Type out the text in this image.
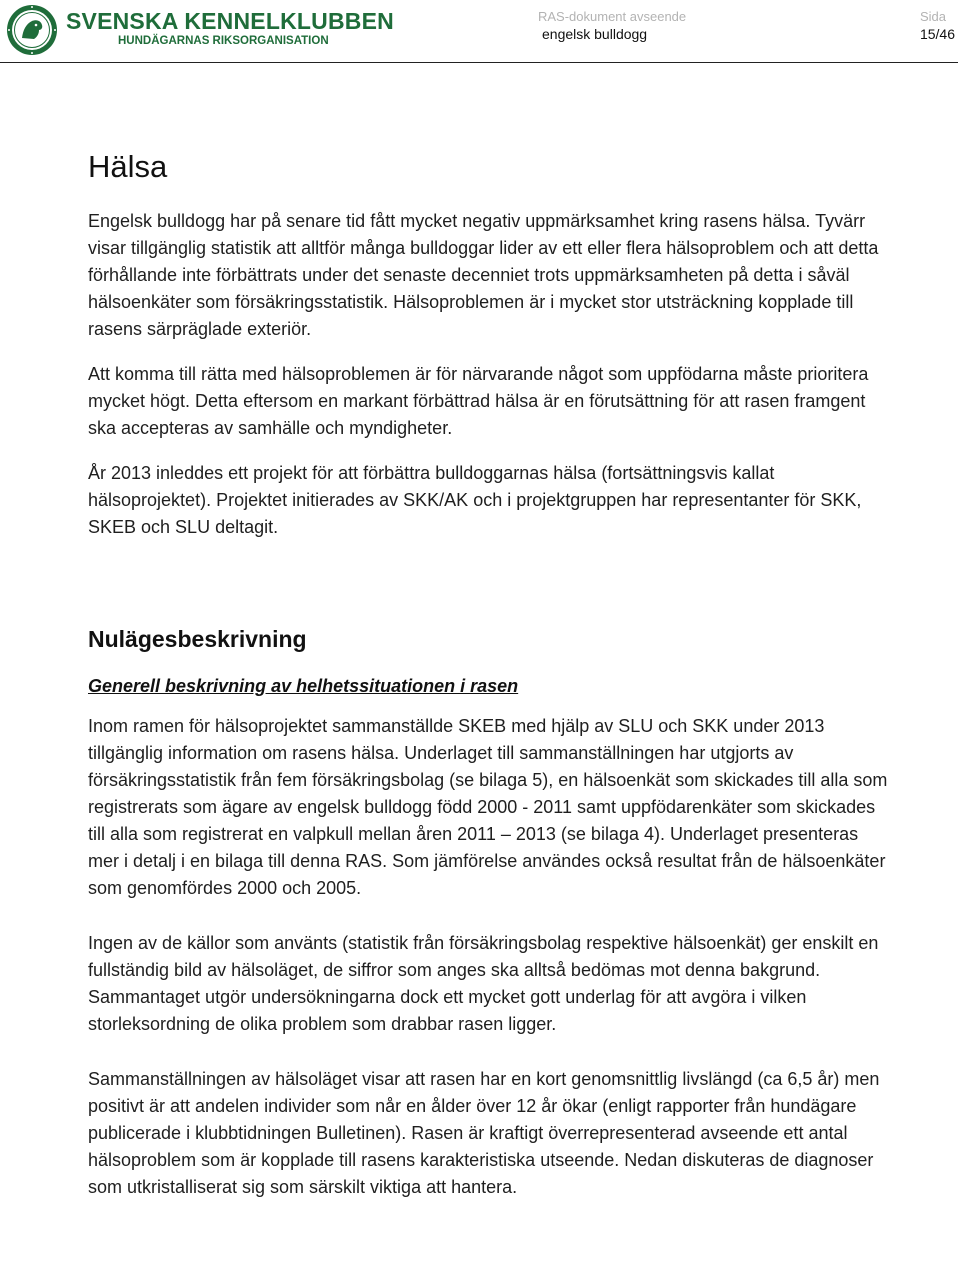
SVENSKA KENNELKLUBBEN
HUNDÄGARNAS RIKSORGANISATION
RAS-dokument avseende
engelsk bulldogg
Sida
15/46
Hälsa

Engelsk bulldogg har på senare tid fått mycket negativ uppmärksamhet kring rasens hälsa. Tyvärr visar tillgänglig statistik att alltför många bulldoggar lider av ett eller flera hälsoproblem och att detta förhållande inte förbättrats under det senaste decenniet trots uppmärksamheten på detta i såväl hälsoenkäter som försäkringsstatistik. Hälsoproblemen är i mycket stor utsträckning kopplade till rasens särpräglade exteriör.

Att komma till rätta med hälsoproblemen är för närvarande något som uppfödarna måste prioritera mycket högt. Detta eftersom en markant förbättrad hälsa är en förutsättning för att rasen framgent ska accepteras av samhälle och myndigheter.

År 2013 inleddes ett projekt för att förbättra bulldoggarnas hälsa (fortsättningsvis kallat hälsoprojektet). Projektet initierades av SKK/AK och i projektgruppen har representanter för SKK, SKEB och SLU deltagit.

Nulägesbeskrivning
Generell beskrivning av helhetssituationen i rasen

Inom ramen för hälsoprojektet sammanställde SKEB med hjälp av SLU och SKK under 2013 tillgänglig information om rasens hälsa. Underlaget till sammanställningen har utgjorts av försäkringsstatistik från fem försäkringsbolag (se bilaga 5), en hälsoenkät som skickades till alla som registrerats som ägare av engelsk bulldogg född 2000 - 2011 samt uppfödarenkäter som skickades till alla som registrerat en valpkull mellan åren 2011 – 2013 (se bilaga 4). Underlaget presenteras mer i detalj i en bilaga till denna RAS. Som jämförelse användes också resultat från de hälsoenkäter som genomfördes 2000 och 2005.

Ingen av de källor som använts (statistik från försäkringsbolag respektive hälsoenkät) ger enskilt en fullständig bild av hälsoläget, de siffror som anges ska alltså bedömas mot denna bakgrund. Sammantaget utgör undersökningarna dock ett mycket gott underlag för att avgöra i vilken storleksordning de olika problem som drabbar rasen ligger.

Sammanställningen av hälsoläget visar att rasen har en kort genomsnittlig livslängd (ca 6,5 år) men positivt är att andelen individer som når en ålder över 12 år ökar (enligt rapporter från hundägare publicerade i klubbtidningen Bulletinen). Rasen är kraftigt överrepresenterad avseende ett antal hälsoproblem som är kopplade till rasens karakteristiska utseende. Nedan diskuteras de diagnoser som utkristalliserat sig som särskilt viktiga att hantera.
